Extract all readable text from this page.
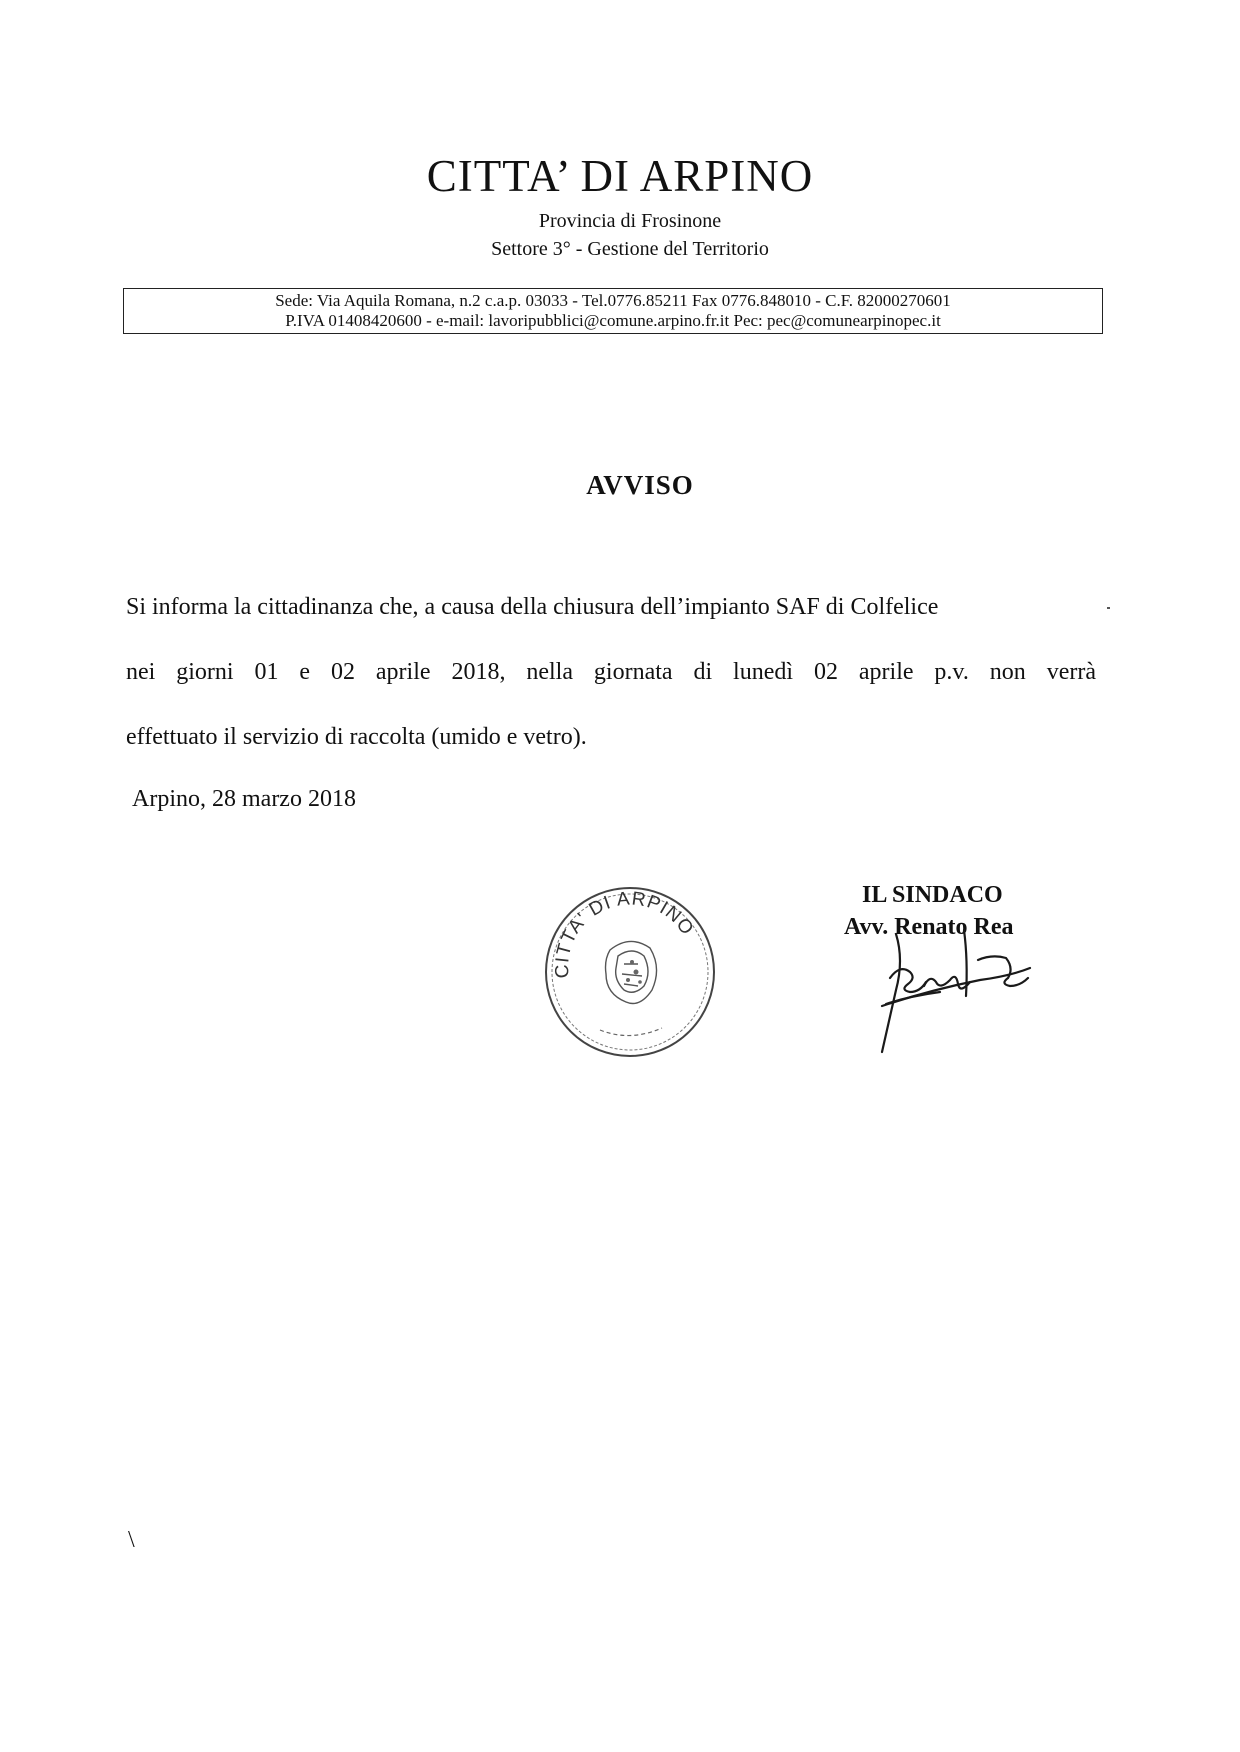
CITTA’ DI ARPINO
Provincia di Frosinone
Settore 3° - Gestione del Territorio
Sede: Via Aquila Romana, n.2 c.a.p. 03033 - Tel.0776.85211 Fax 0776.848010 - C.F. 82000270601
P.IVA 01408420600 - e-mail: lavoripubblici@comune.arpino.fr.it Pec: pec@comunearpinopec.it
AVVISO
Si informa la cittadinanza che, a causa della chiusura dell’impianto SAF di Colfelice
nei giorni 01 e 02 aprile 2018, nella giornata di lunedì 02 aprile p.v. non verrà
effettuato il servizio di raccolta (umido e vetro).
Arpino, 28 marzo 2018
CITTA' DI ARPINO
IL SINDACO
Avv. Renato Rea
\
